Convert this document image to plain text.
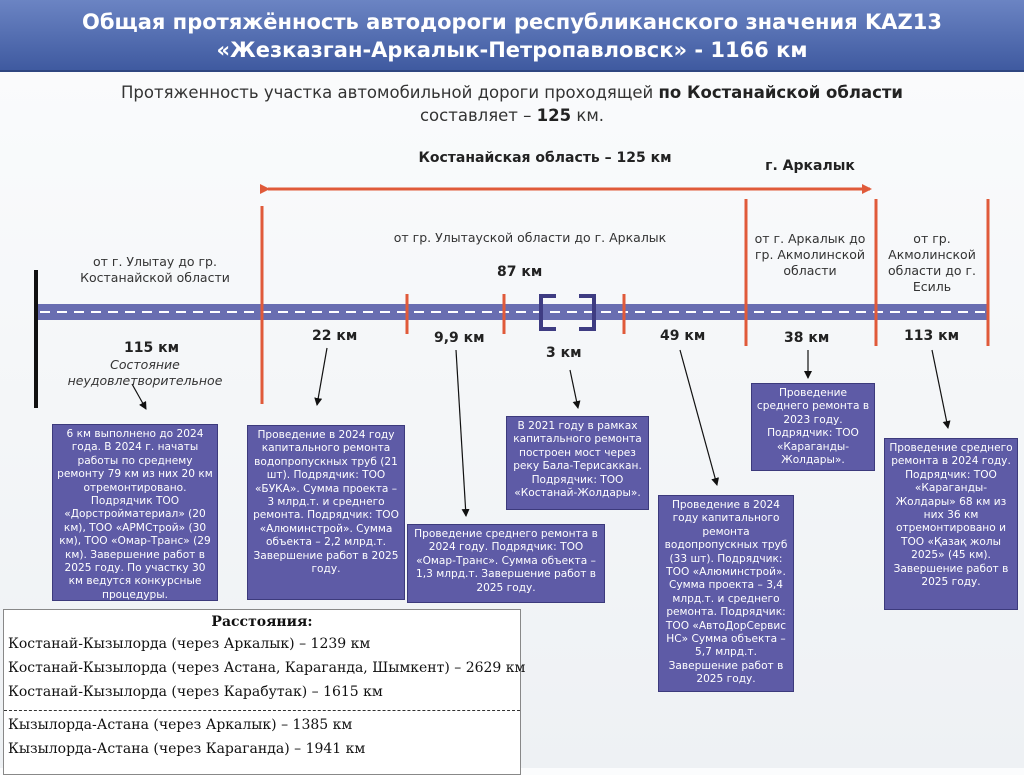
Общая протяжённость автодороги республиканского значения KAZ13
«Жезказган-Аркалык-Петропавловск» - 1166 км
Протяженность участка автомобильной дороги проходящей по Костанайской области
составляет – 125 км.
Костанайская область – 125 км	г. Аркалык
от г. Улытау до гр. Костанайской области
от гр. Улытауской области до г. Аркалык	от г. Аркалык до гр. Акмолинской области
от гр. Акмолинской области до г. Есиль
115 км
Состояние неудовлетворительное
87 км
22 км	9,9 км
3 км
49 км	38 км	113 км
6 км выполнено до 2024 года. В 2024 г. начаты работы по среднему ремонту 79 км из них 20 км отремонтировано. Подрядчик ТОО «Дорстройматериал» (20 км), ТОО «АРМСтрой» (30 км), ТОО «Омар-Транс» (29 км). Завершение работ в 2025 году. По участку 30 км ведутся конкурсные процедуры.
Проведение в 2024 году капитального ремонта водопропускных труб (21 шт). Подрядчик: ТОО «БУКА». Сумма проекта – 3 млрд.т. и среднего ремонта. Подрядчик: ТОО «Алюминстрой». Сумма объекта – 2,2 млрд.т. Завершение работ в 2025 году.
Проведение среднего ремонта в 2024 году. Подрядчик: ТОО «Омар-Транс». Сумма объекта – 1,3 млрд.т. Завершение работ в 2025 году.
В 2021 году в рамках капитального ремонта построен мост через реку Бала-Терисаккан. Подрядчик: ТОО «Костанай-Жолдары».
Проведение в 2024 году капитального ремонта водопропускных труб (33 шт). Подрядчик: ТОО «Алюминстрой». Сумма проекта – 3,4 млрд.т. и среднего ремонта. Подрядчик: ТОО «АвтоДорСервис НС» Сумма объекта – 5,7 млрд.т. Завершение работ в 2025 году.
Проведение среднего ремонта в 2023 году. Подрядчик: ТОО «Караганды-Жолдары».
Проведение среднего ремонта в 2024 году. Подрядчик: ТОО «Караганды-Жолдары» 68 км из них 36 км отремонтировано и ТОО «Қазақ жолы 2025» (45 км). Завершение работ в 2025 году.
Расстояния:
Костанай-Кызылорда (через Аркалык) – 1239 км
Костанай-Кызылорда (через Астана, Караганда, Шымкент) – 2629 км
Костанай-Кызылорда (через Карабутак) – 1615 км
Кызылорда-Астана (через Аркалык) – 1385 км
Кызылорда-Астана (через Караганда) – 1941 км
